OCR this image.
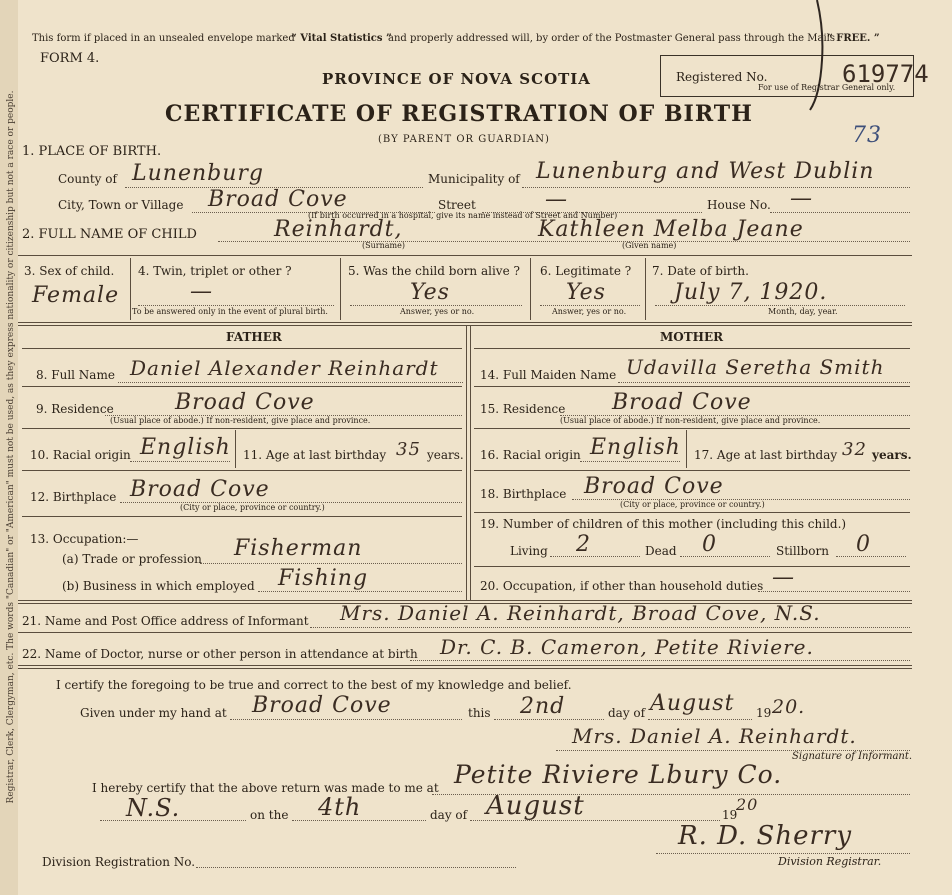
Registrar, Clerk, Clergyman, etc. The words "Canadian" or "American" must not be used, as they express nationality or citizenship but not a race or people.
This form if placed in an unsealed envelope marked
“ Vital Statistics ”
and properly addressed will, by order of the Postmaster General pass through the Mails
“ FREE. ”
FORM 4.
PROVINCE OF NOVA SCOTIA
CERTIFICATE OF REGISTRATION OF BIRTH
(BY PARENT OR GUARDIAN)
Registered No.	619774
For use of Registrar General only.
73
1. PLACE OF BIRTH.
County of Lunenburg	Municipality of Lunenburg and West Dublin
City, Town or Village Broad Cove	Street	—	House No. —
(If birth occurred in a hospital, give its name instead of Street and Number)
2. FULL NAME OF CHILD	Reinhardt,
(Surname)
Kathleen Melba Jeane
(Given name)
3. Sex of child.
Female
4. Twin, triplet or other ?
—
To be answered only in the event of plural birth.
5. Was the child born alive ?
Yes
Answer, yes or no.
6. Legitimate ?
Yes
Answer, yes or no.
7. Date of birth.
July 7, 1920.
Month, day, year.
FATHER	MOTHER
8. Full Name Daniel Alexander Reinhardt
9. Residence	Broad Cove
(Usual place of abode.) If non-resident, give place and province.
10. Racial origin English 11. Age at last birthday 35 years.
12. Birthplace Broad Cove
(City or place, province or country.)
13. Occupation:—
(a) Trade or profession Fisherman
(b) Business in which employed Fishing
14. Full Maiden Name Udavilla Seretha Smith
15. Residence Broad Cove
(Usual place of abode.) If non-resident, give place and province.
16. Racial origin English 17. Age at last birthday 32 years.
18. Birthplace Broad Cove
(City or place, province or country.)
19. Number of children of this mother (including this child.)
Living 2	Dead 0	Stillborn 0
20. Occupation, if other than household duties —
21. Name and Post Office address of Informant Mrs. Daniel A. Reinhardt, Broad Cove, N.S.
22. Name of Doctor, nurse or other person in attendance at birth Dr. C. B. Cameron, Petite Riviere.
I certify the foregoing to be true and correct to the best of my knowledge and belief.
Given under my hand at Broad Cove	this 2nd	day of August 19 20.
Mrs. Daniel A. Reinhardt.
Signature of Informant.
I hereby certify that the above return was made to me at Petite Riviere Lbury Co.
N.S.	on the 4th	day of August	19
20
R. D. Sherry
Division Registration No.	Division Registrar.
